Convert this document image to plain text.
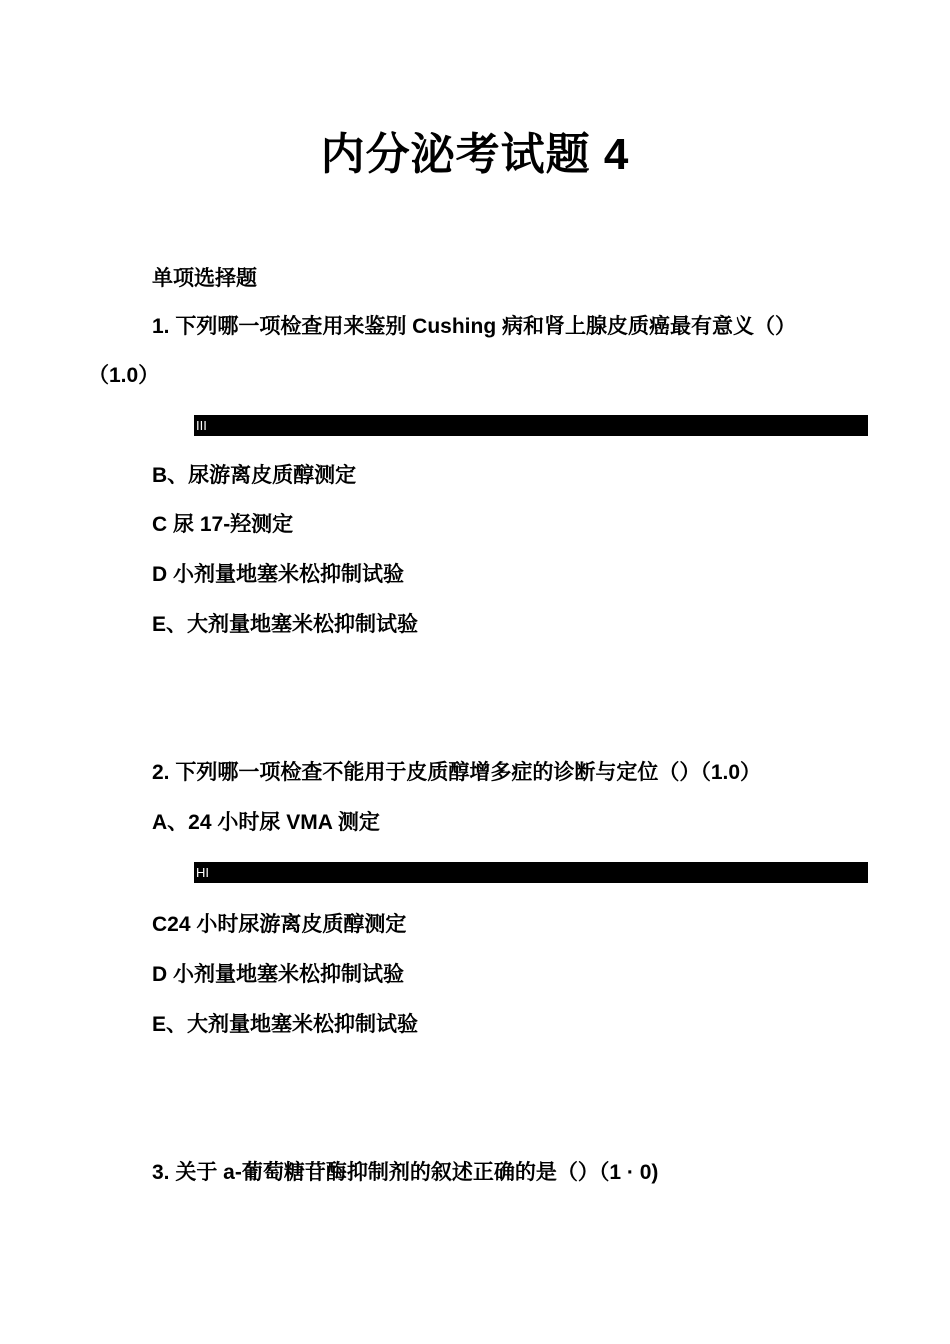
内分泌考试题 4
单项选择题
1. 下列哪一项检查用来鉴别 Cushing 病和肾上腺皮质癌最有意义（）
（1.0）
III
B、尿游离皮质醇测定
C 尿 17-羟测定
D 小剂量地塞米松抑制试验
E、大剂量地塞米松抑制试验
2. 下列哪一项检查不能用于皮质醇增多症的诊断与定位（）（1.0）
A、24 小时尿 VMA 测定
HI
C24 小时尿游离皮质醇测定
D 小剂量地塞米松抑制试验
E、大剂量地塞米松抑制试验
3. 关于 a-葡萄糖苷酶抑制剂的叙述正确的是（）（1 · 0)
